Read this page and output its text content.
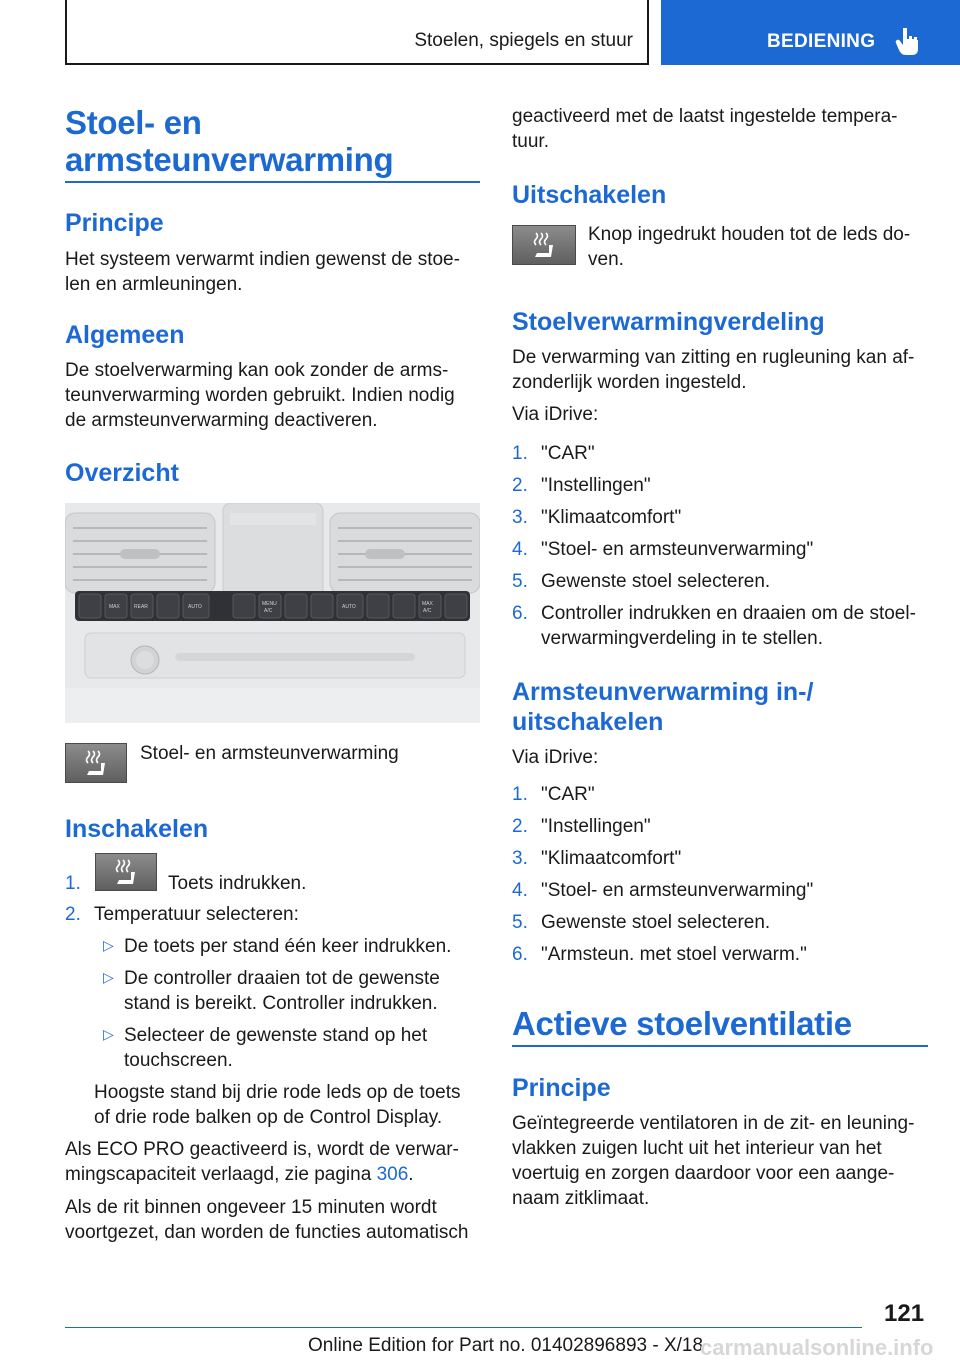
Stoelen, spiegels en stuur	BEDIENING
Stoel- en
armsteunverwarming
Principe
Het systeem verwarmt indien gewenst de stoe-
len en armleuningen.
Algemeen
De stoelverwarming kan ook zonder de arms-
teunverwarming worden gebruikt. Indien nodig
de armsteunverwarming deactiveren.
Overzicht
MAX	REAR	AUTO	MENU
A/C
AUTO	MAX
A/C
Stoel- en armsteunverwarming
Inschakelen
1.	Toets indrukken.
2. Temperatuur selecteren:
▷ De toets per stand één keer indrukken.
▷ De controller draaien tot de gewenste
stand is bereikt. Controller indrukken.
▷ Selecteer de gewenste stand op het
touchscreen.
Hoogste stand bij drie rode leds op de toets
of drie rode balken op de Control Display.
Als ECO PRO geactiveerd is, wordt de verwar-
mingscapaciteit verlaagd, zie pagina 306.
Als de rit binnen ongeveer 15 minuten wordt
voortgezet, dan worden de functies automatisch
geactiveerd met de laatst ingestelde tempera-
tuur.
Uitschakelen
Knop ingedrukt houden tot de leds do-
ven.
Stoelverwarmingverdeling
De verwarming van zitting en rugleuning kan af-
zonderlijk worden ingesteld.
Via iDrive:
1. "CAR"
2. "Instellingen"
3. "Klimaatcomfort"
4. "Stoel- en armsteunverwarming"
5. Gewenste stoel selecteren.
6. Controller indrukken en draaien om de stoel-
verwarmingverdeling in te stellen.
Armsteunverwarming in-/
uitschakelen
Via iDrive:
1. "CAR"
2. "Instellingen"
3. "Klimaatcomfort"
4. "Stoel- en armsteunverwarming"
5. Gewenste stoel selecteren.
6. "Armsteun. met stoel verwarm."
Actieve stoelventilatie
Principe
Geïntegreerde ventilatoren in de zit- en leuning-
vlakken zuigen lucht uit het interieur van het
voertuig en zorgen daardoor voor een aange-
naam zitklimaat.
121
Online Edition for Part no. 01402896893 - X/18
carmanualsonline.info
